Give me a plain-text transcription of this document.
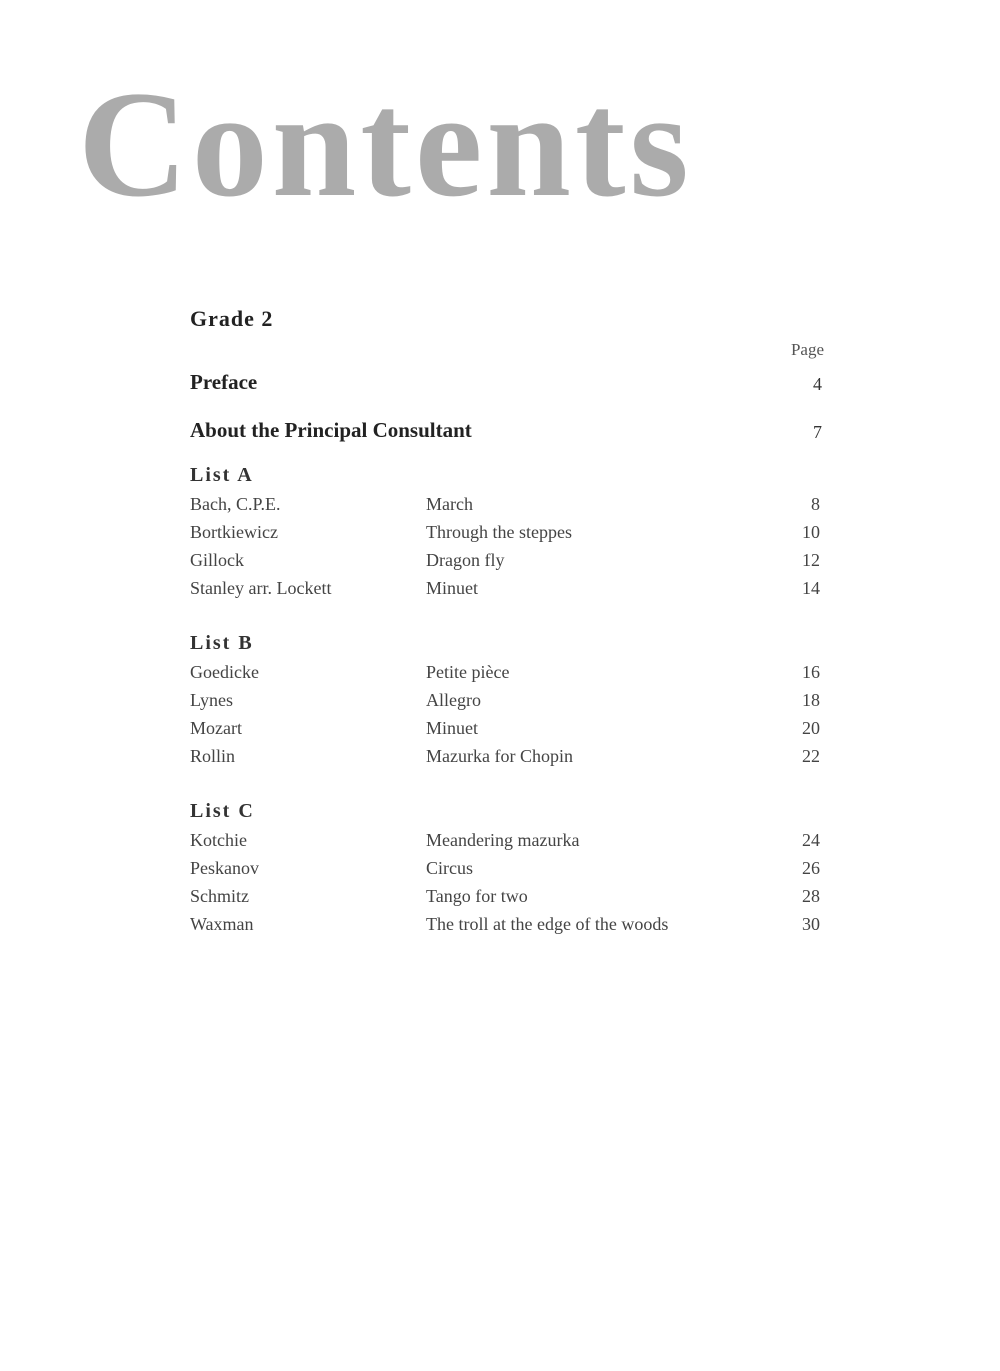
Contents
Grade 2
Page
Preface	4
About the Principal Consultant	7
List A
Bach, C.P.E.	March	8
Bortkiewicz	Through the steppes	10
Gillock	Dragon fly	12
Stanley arr. Lockett	Minuet	14
List B
Goedicke	Petite pièce	16
Lynes	Allegro	18
Mozart	Minuet	20
Rollin	Mazurka for Chopin	22
List C
Kotchie	Meandering mazurka	24
Peskanov	Circus	26
Schmitz	Tango for two	28
Waxman	The troll at the edge of the woods	30
